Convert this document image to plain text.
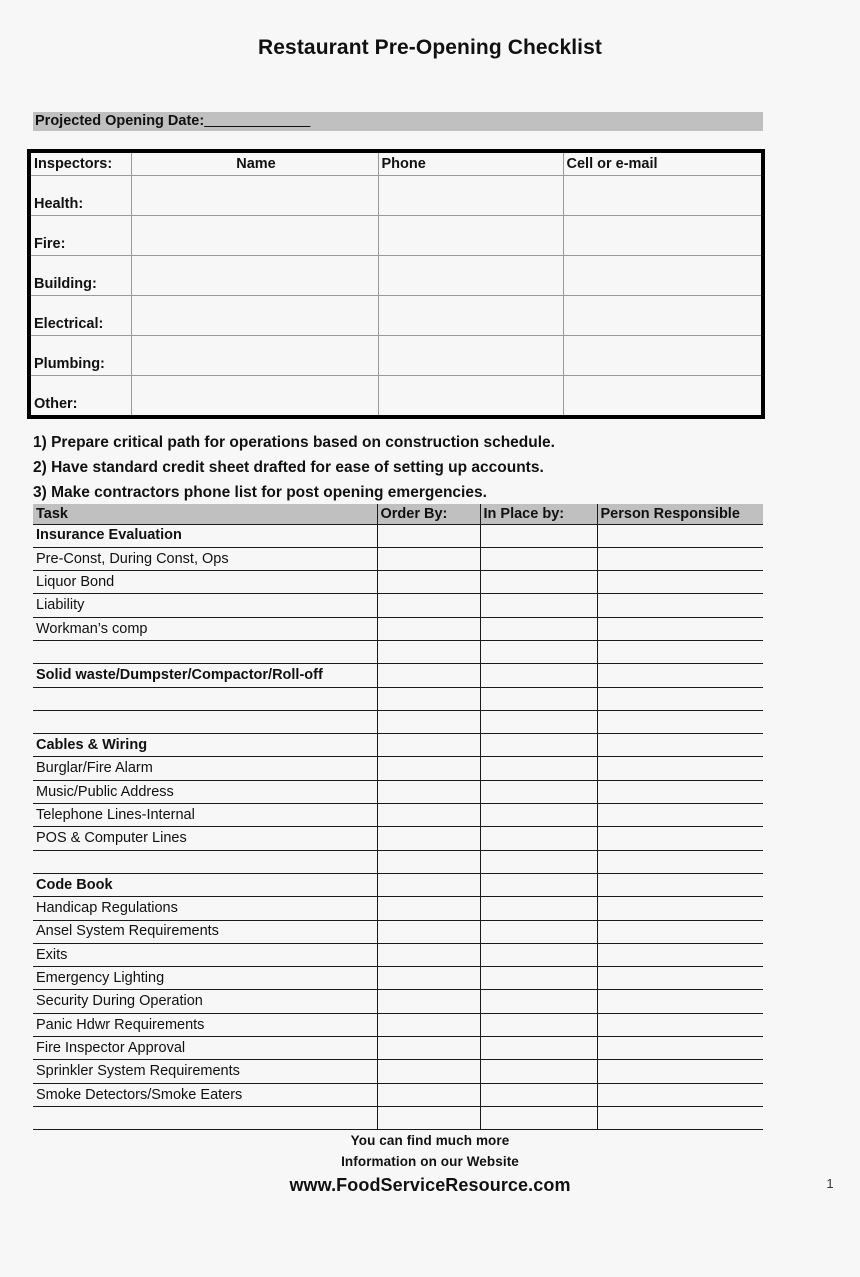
Restaurant Pre-Opening Checklist
Projected Opening Date:______________
Inspectors:	Name	Phone	Cell or e-mail
Health:			
Fire:			
Building:			
Electrical:			
Plumbing:			
Other:			
1) Prepare critical path for operations based on construction schedule.
2) Have standard credit sheet drafted for ease of setting up accounts.
3) Make contractors phone list for post opening emergencies.
Task	Order By:	In Place by:	Person Responsible
Insurance Evaluation			
Pre-Const, During Const, Ops			
Liquor Bond			
Liability			
Workman’s comp			

Solid waste/Dumpster/Compactor/Roll-off			

Cables & Wiring			
Burglar/Fire Alarm			
Music/Public Address			
Telephone Lines-Internal			
POS & Computer Lines			

Code Book			
Handicap Regulations			
Ansel System Requirements			
Exits			
Emergency Lighting			
Security During Operation			
Panic Hdwr Requirements			
Fire Inspector Approval			
Sprinkler System Requirements			
Smoke Detectors/Smoke Eaters			

You can find much more
Information on our Website
www.FoodServiceResource.com	1
